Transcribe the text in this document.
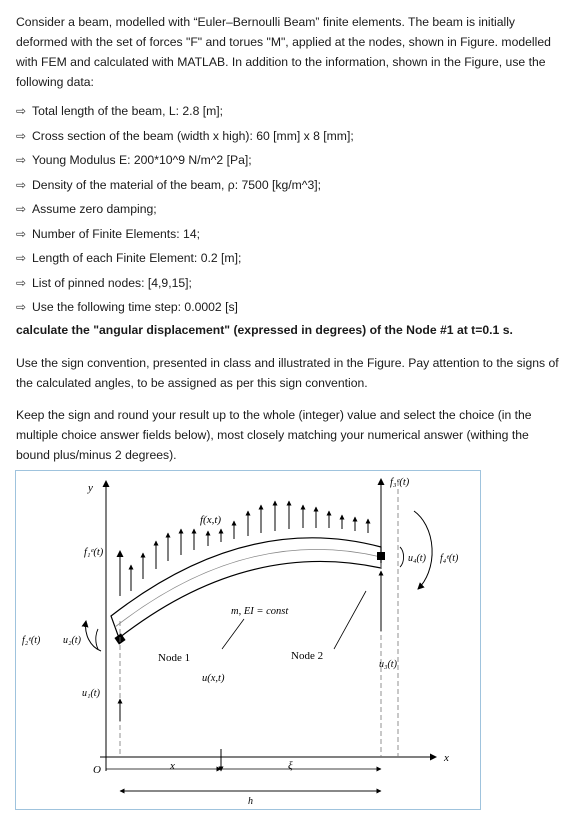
Consider a beam, modelled with “Euler–Bernoulli Beam” finite elements. The beam is initially deformed with the set of forces "F" and torues "M", applied at the nodes, shown in Figure. modelled with FEM and calculated with MATLAB. In addition to the information, shown in the Figure, use the following data:

⇨ Total length of the beam, L: 2.8 [m];
⇨ Cross section of the beam (width x high): 60 [mm] x 8 [mm];
⇨ Young Modulus E: 200*10^9 N/m^2 [Pa];
⇨ Density of the material of the beam, ρ: 7500 [kg/m^3];
⇨ Assume zero damping;
⇨ Number of Finite Elements: 14;
⇨ Length of each Finite Element: 0.2 [m];
⇨ List of pinned nodes: [4,9,15];
⇨ Use the following time step: 0.0002 [s]

calculate the "angular displacement" (expressed in degrees) of the Node #1 at t=0.1 s.

Use the sign convention, presented in class and illustrated in the Figure. Pay attention to the signs of the calculated angles, to be assigned as per this sign convention.

Keep the sign and round your result up to the whole (integer) value and select the choice (in the multiple choice answer fields below), most closely matching your numerical answer (withing the bound plus/minus 2 degrees).

y
x
O
f(x,t)
m, EI = const
Node 1	Node 2
u(x,t)
f₁ᵉ(t)
f₂ᵉ(t) u₂(t)
u₁(t)
f₃ᵉ(t)
u₃(t)
u₄(t) f₄ᵉ(t)
x	ξ
h
